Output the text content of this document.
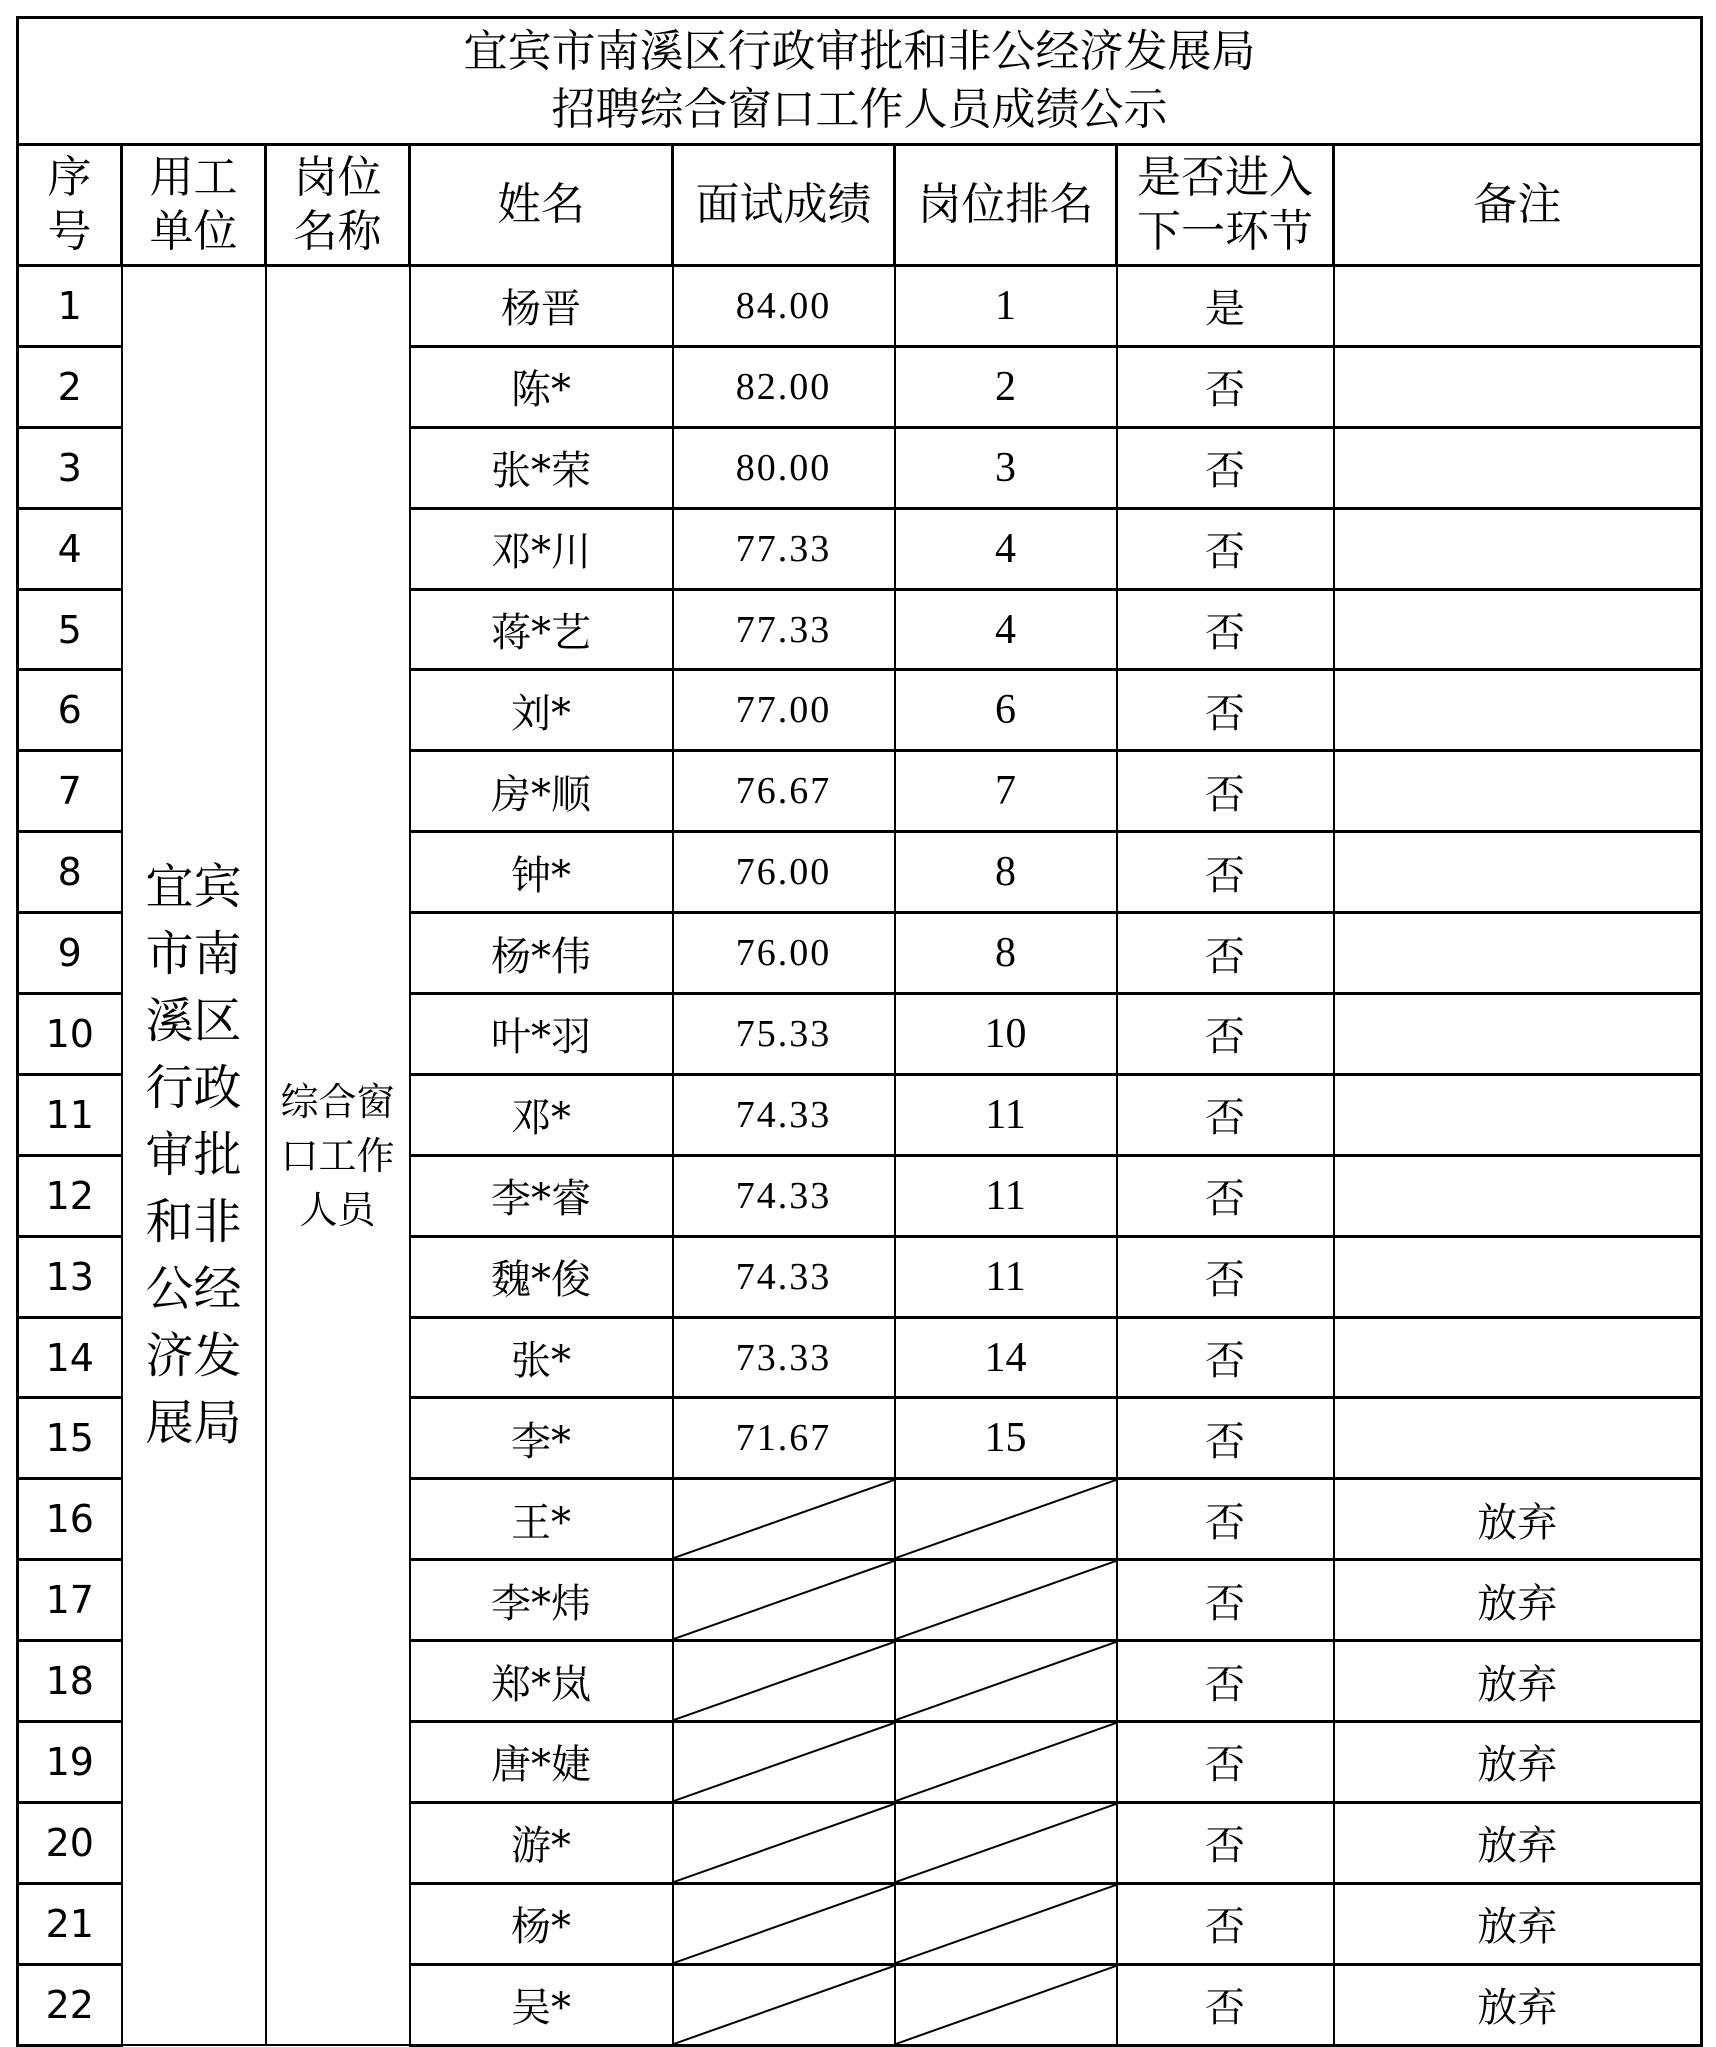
宜宾市南溪区行政审批和非公经济发展局
招聘综合窗口工作人员成绩公示							

序号	用工单位	岗位名称	姓名	面试成绩	岗位排名	是否进入下一环节	备注
1	宜宾市南溪区行政审批和非公经济发展局	综合窗口工作人员	杨晋	84.00	1	是	
2			陈*	82.00	2	否	
3			张*荣	80.00	3	否	
4			邓*川	77.33	4	否	
5			蒋*艺	77.33	4	否	
6			刘*	77.00	6	否	
7			房*顺	76.67	7	否	
8			钟*	76.00	8	否	
9			杨*伟	76.00	8	否	
10			叶*羽	75.33	10	否	
11			邓*	74.33	11	否	
12			李*睿	74.33	11	否	
13			魏*俊	74.33	11	否	
14			张*	73.33	14	否	
15			李*	71.67	15	否	
16			王*			否	放弃
17			李*炜			否	放弃
18			郑*岚			否	放弃
19			唐*婕			否	放弃
20			游*			否	放弃
21			杨*			否	放弃
22			吴*			否	放弃
